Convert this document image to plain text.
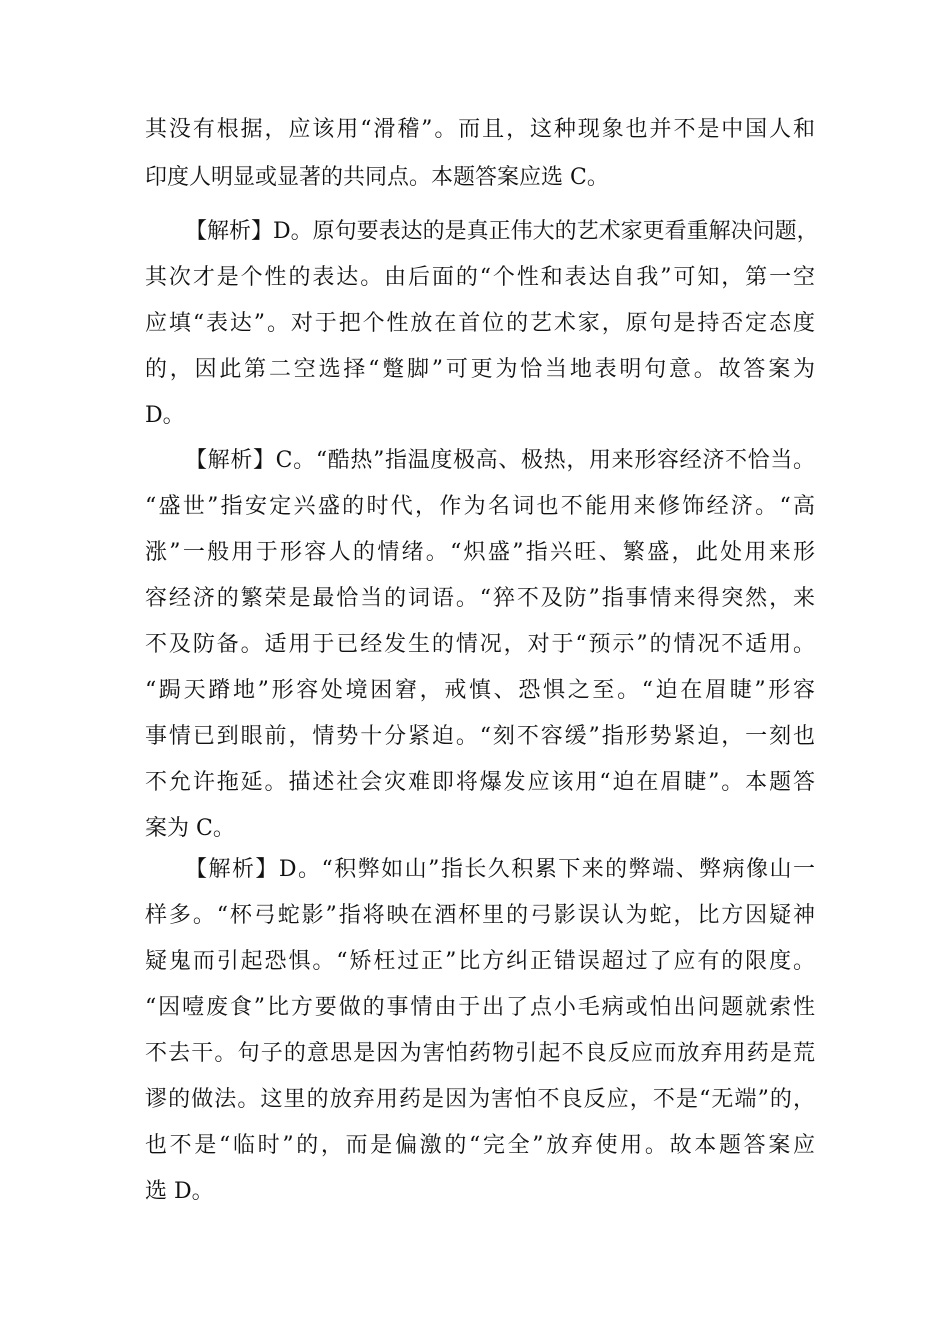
其没有根据，应该用“滑稽”。而且，这种现象也并不是中国人和
印度人明显或显著的共同点。本题答案应选 C。
【解析】D。原句要表达的是真正伟大的艺术家更看重解决问题，
其次才是个性的表达。由后面的“个性和表达自我”可知，第一空
应填“表达”。对于把个性放在首位的艺术家，原句是持否定态度
的，因此第二空选择“蹩脚”可更为恰当地表明句意。故答案为
D。
【解析】C。“酷热”指温度极高、极热，用来形容经济不恰当。
“盛世”指安定兴盛的时代，作为名词也不能用来修饰经济。“高
涨”一般用于形容人的情绪。“炽盛”指兴旺、繁盛，此处用来形
容经济的繁荣是最恰当的词语。“猝不及防”指事情来得突然，来
不及防备。适用于已经发生的情况，对于“预示”的情况不适用。
“跼天蹐地”形容处境困窘，戒慎、恐惧之至。“迫在眉睫”形容
事情已到眼前，情势十分紧迫。“刻不容缓”指形势紧迫，一刻也
不允许拖延。描述社会灾难即将爆发应该用“迫在眉睫”。本题答
案为 C。
【解析】D。“积弊如山”指长久积累下来的弊端、弊病像山一
样多。“杯弓蛇影”指将映在酒杯里的弓影误认为蛇，比方因疑神
疑鬼而引起恐惧。“矫枉过正”比方纠正错误超过了应有的限度。
“因噎废食”比方要做的事情由于出了点小毛病或怕出问题就索性
不去干。句子的意思是因为害怕药物引起不良反应而放弃用药是荒
谬的做法。这里的放弃用药是因为害怕不良反应，不是“无端”的，
也不是“临时”的，而是偏激的“完全”放弃使用。故本题答案应
选 D。
